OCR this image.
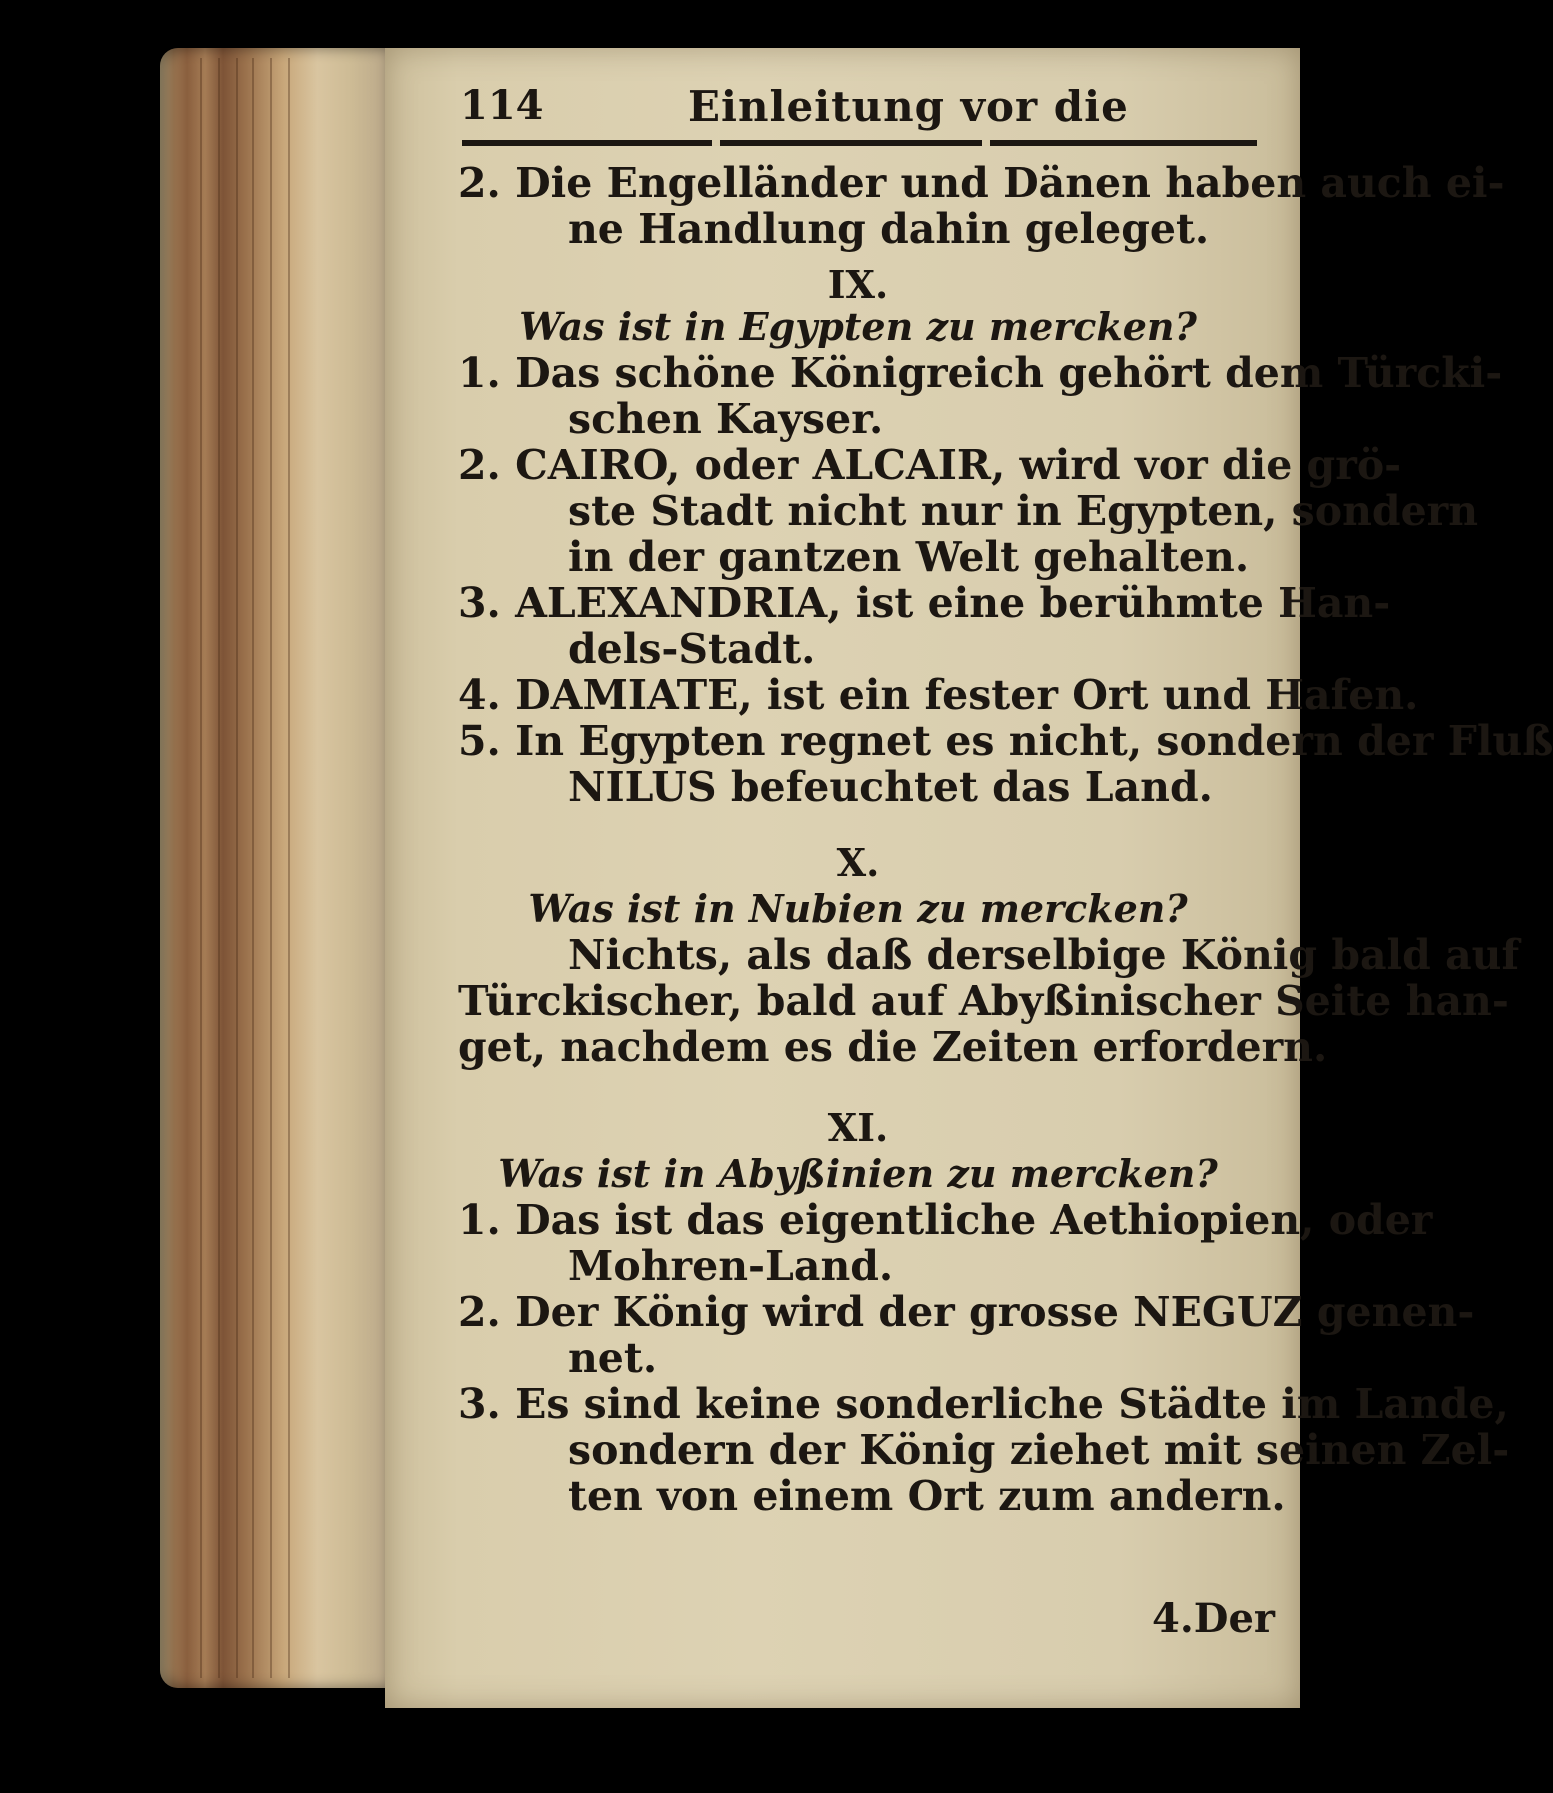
114	Einleitung vor die
2. Die Engelländer und Dänen haben auch ei-
ne Handlung dahin geleget.
IX.
Was ist in Egypten zu mercken?
1. Das schöne Königreich gehört dem Türcki-
schen Kayser.
2. CAIRO, oder ALCAIR, wird vor die grö-
ste Stadt nicht nur in Egypten, sondern
in der gantzen Welt gehalten.
3. ALEXANDRIA, ist eine berühmte Han-
dels-Stadt.
4. DAMIATE, ist ein fester Ort und Hafen.
5. In Egypten regnet es nicht, sondern der Fluß
NILUS befeuchtet das Land.
X.
Was ist in Nubien zu mercken?
Nichts, als daß derselbige König bald auf
Türckischer, bald auf Abyßinischer Seite han-
get, nachdem es die Zeiten erfordern.
XI.
Was ist in Abyßinien zu mercken?
1. Das ist das eigentliche Aethiopien, oder
Mohren-Land.
2. Der König wird der grosse NEGUZ genen-
net.
3. Es sind keine sonderliche Städte im Lande,
sondern der König ziehet mit seinen Zel-
ten von einem Ort zum andern.
4.Der
